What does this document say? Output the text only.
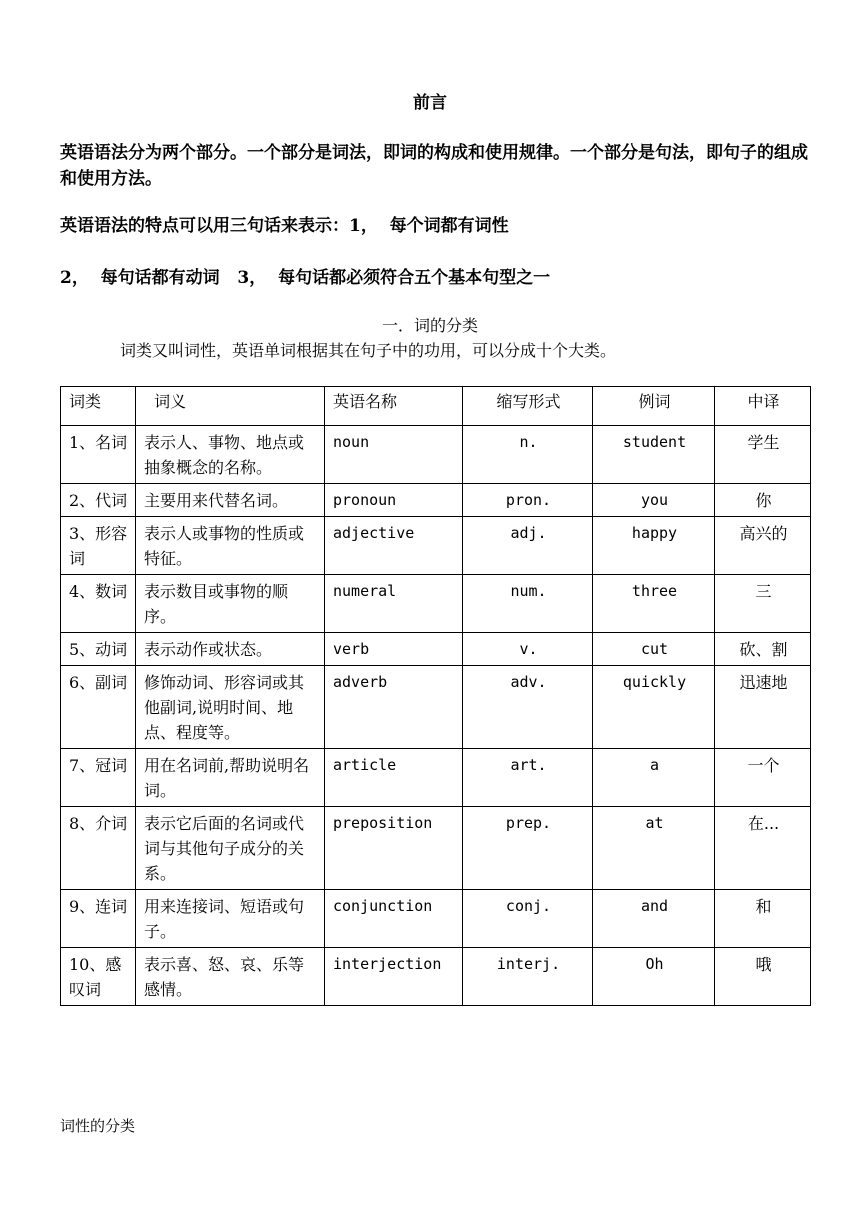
前言
英语语法分为两个部分。一个部分是词法，即词的构成和使用规律。一个部分是句法，即句子的组成和使用方法。
英语语法的特点可以用三句话来表示：1，  每个词都有词性
2，  每句话都有动词   3，  每句话都必须符合五个基本句型之一
一．词的分类
词类又叫词性，英语单词根据其在句子中的功用，可以分成十个大类。
词类	词义	英语名称	缩写形式	例词	中译
1、名词	表示人、事物、地点或抽象概念的名称。	noun	n.	student	学生
2、代词	主要用来代替名词。	pronoun	pron.	you	你
3、形容词	表示人或事物的性质或特征。	adjective	adj.	happy	高兴的
4、数词	表示数目或事物的顺序。	numeral	num.	three	三
5、动词	表示动作或状态。	verb	v.	cut	砍、割
6、副词	修饰动词、形容词或其他副词,说明时间、地点、程度等。	adverb	adv.	quickly	迅速地
7、冠词	用在名词前,帮助说明名词。	article	art.	a	一个
8、介词	表示它后面的名词或代词与其他句子成分的关系。	preposition	prep.	at	在...
9、连词	用来连接词、短语或句子。	conjunction	conj.	and	和
10、感叹词	表示喜、怒、哀、乐等感情。	interjection	interj.	Oh	哦
词性的分类
